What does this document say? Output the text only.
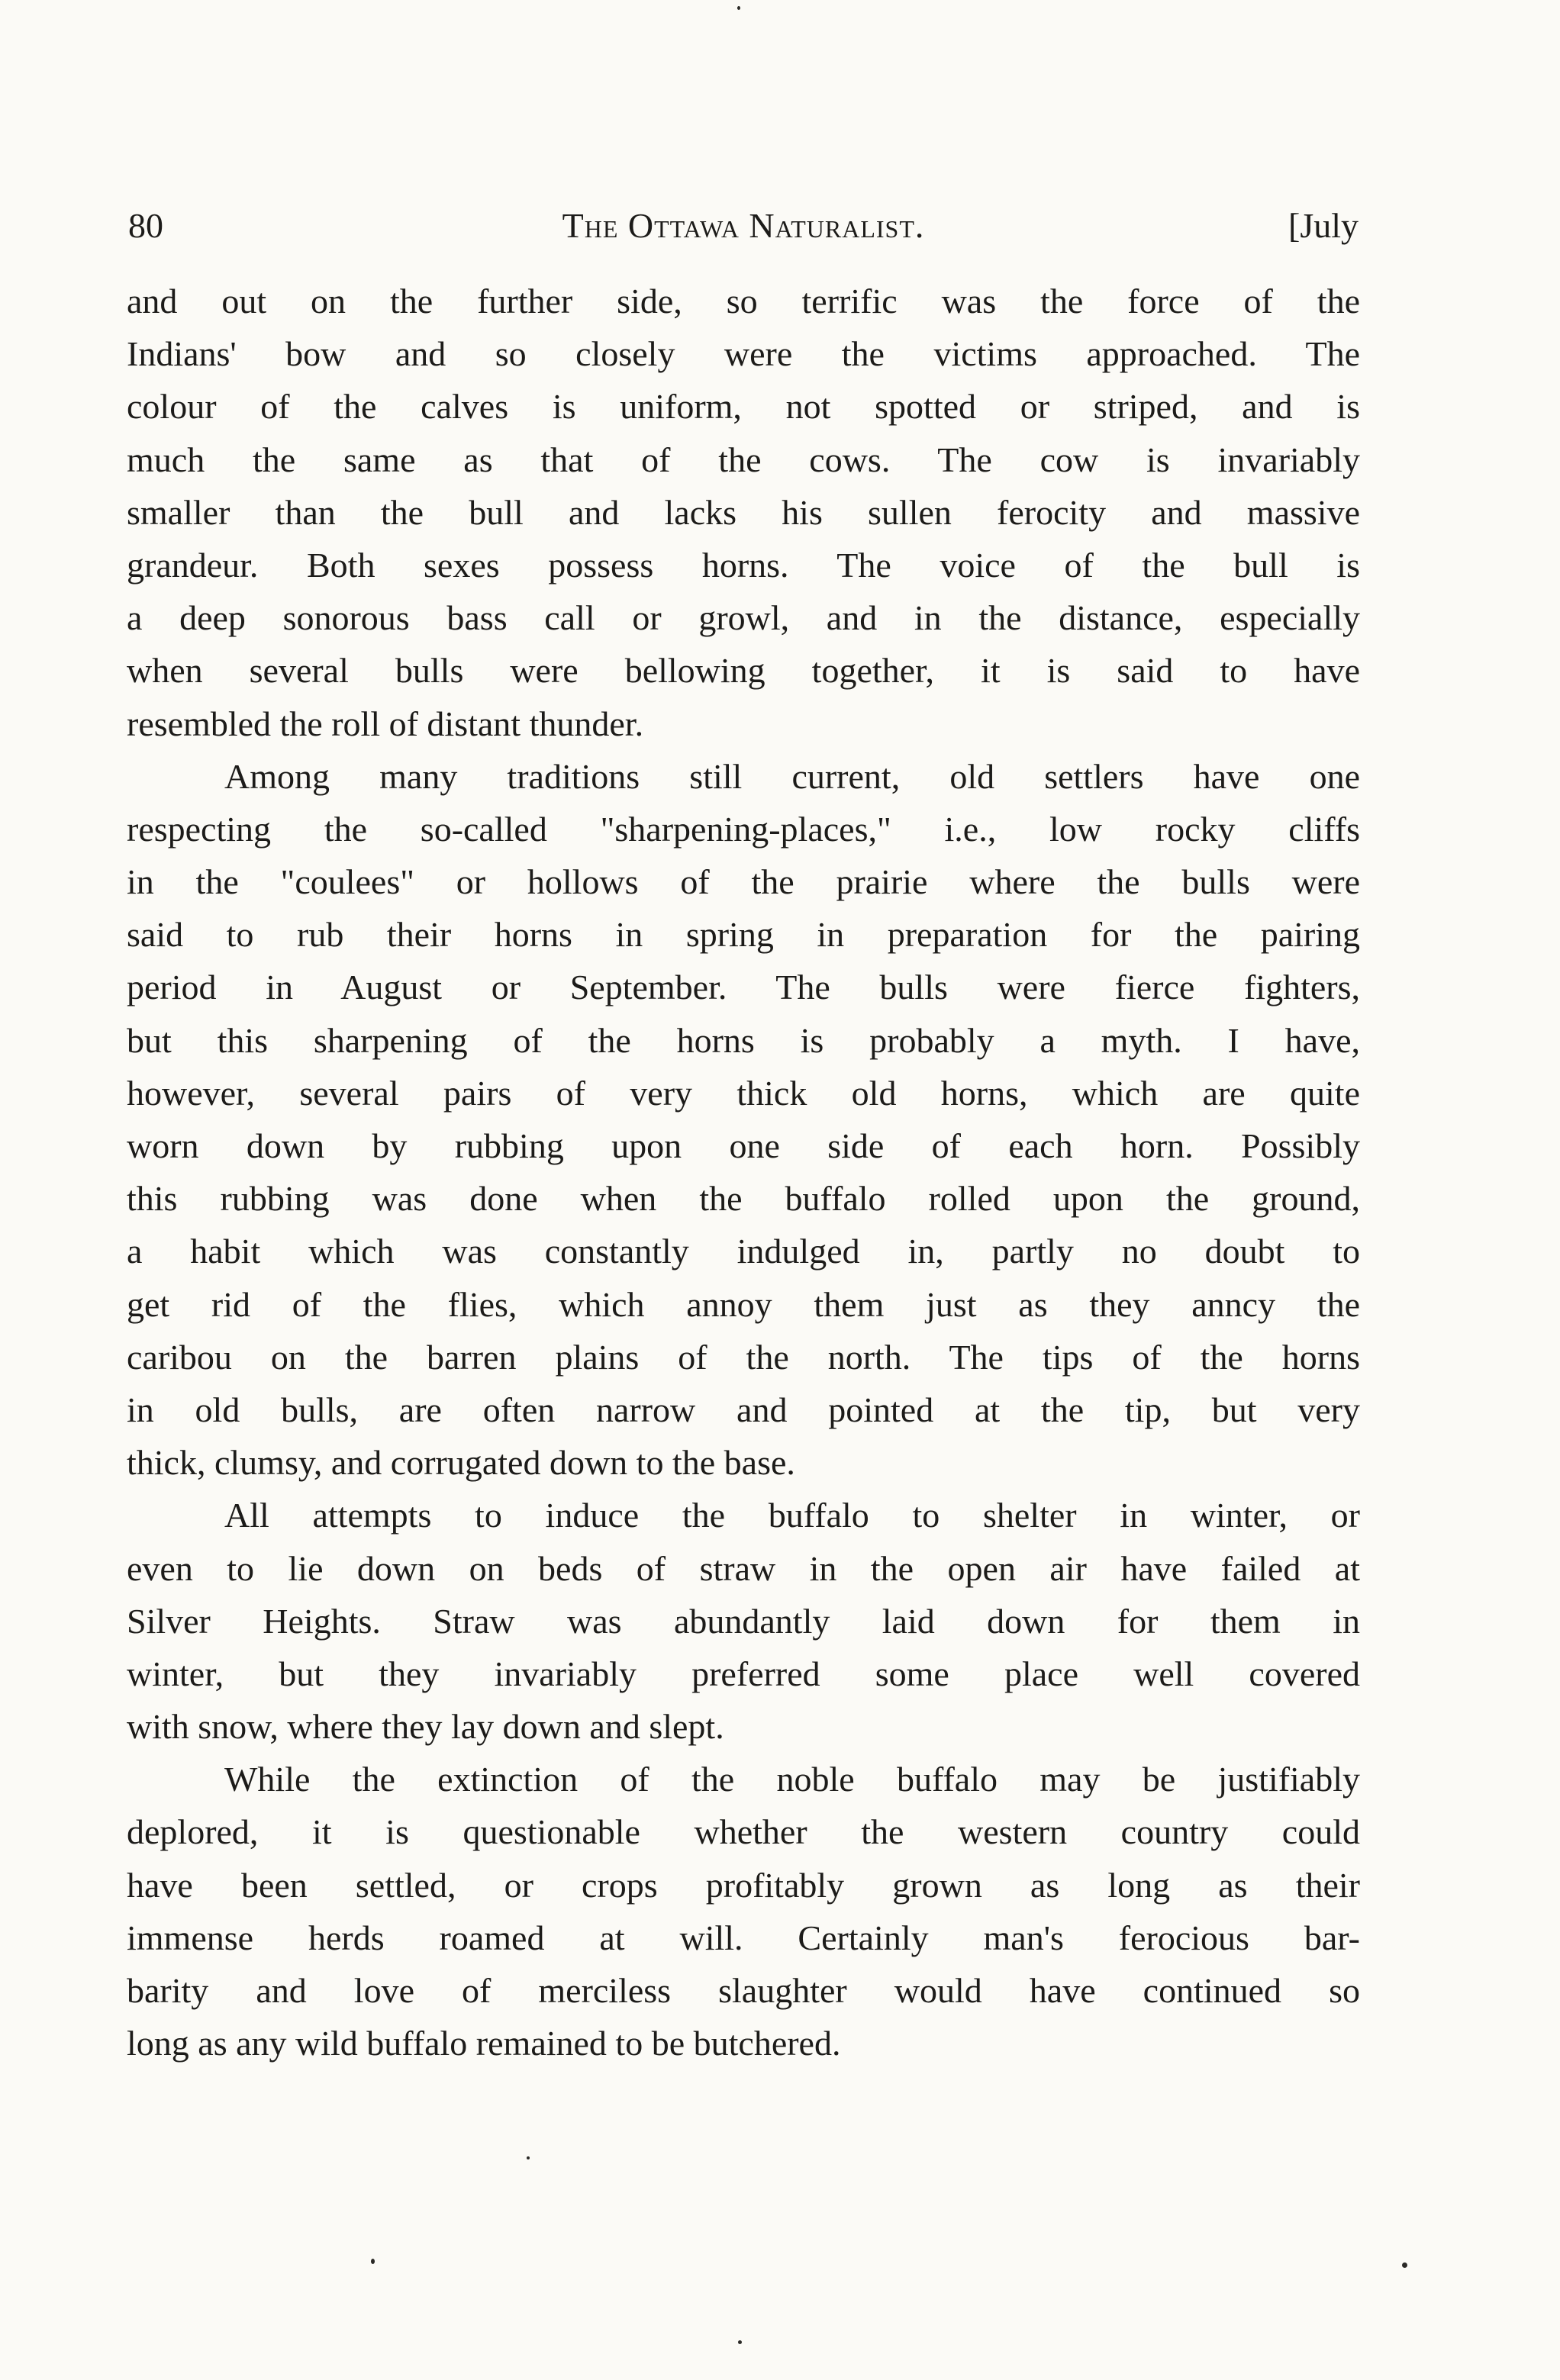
80	The Ottawa Naturalist.	[July
and out on the further side, so terrific was the force of the
Indians' bow and so closely were the victims approached. The
colour of the calves is uniform, not spotted or striped, and is
much the same as that of the cows. The cow is invariably
smaller than the bull and lacks his sullen ferocity and massive
grandeur. Both sexes possess horns. The voice of the bull is
a deep sonorous bass call or growl, and in the distance, especially
when several bulls were bellowing together, it is said to have
resembled the roll of distant thunder.
Among many traditions still current, old settlers have one
respecting the so-called "sharpening-places," i.e., low rocky cliffs
in the "coulees" or hollows of the prairie where the bulls were
said to rub their horns in spring in preparation for the pairing
period in August or September. The bulls were fierce fighters,
but this sharpening of the horns is probably a myth. I have,
however, several pairs of very thick old horns, which are quite
worn down by rubbing upon one side of each horn. Possibly
this rubbing was done when the buffalo rolled upon the ground,
a habit which was constantly indulged in, partly no doubt to
get rid of the flies, which annoy them just as they anncy the
caribou on the barren plains of the north. The tips of the horns
in old bulls, are often narrow and pointed at the tip, but very
thick, clumsy, and corrugated down to the base.
All attempts to induce the buffalo to shelter in winter, or
even to lie down on beds of straw in the open air have failed at
Silver Heights. Straw was abundantly laid down for them in
winter, but they invariably preferred some place well covered
with snow, where they lay down and slept.
While the extinction of the noble buffalo may be justifiably
deplored, it is questionable whether the western country could
have been settled, or crops profitably grown as long as their
immense herds roamed at will. Certainly man's ferocious bar-
barity and love of merciless slaughter would have continued so
long as any wild buffalo remained to be butchered.
